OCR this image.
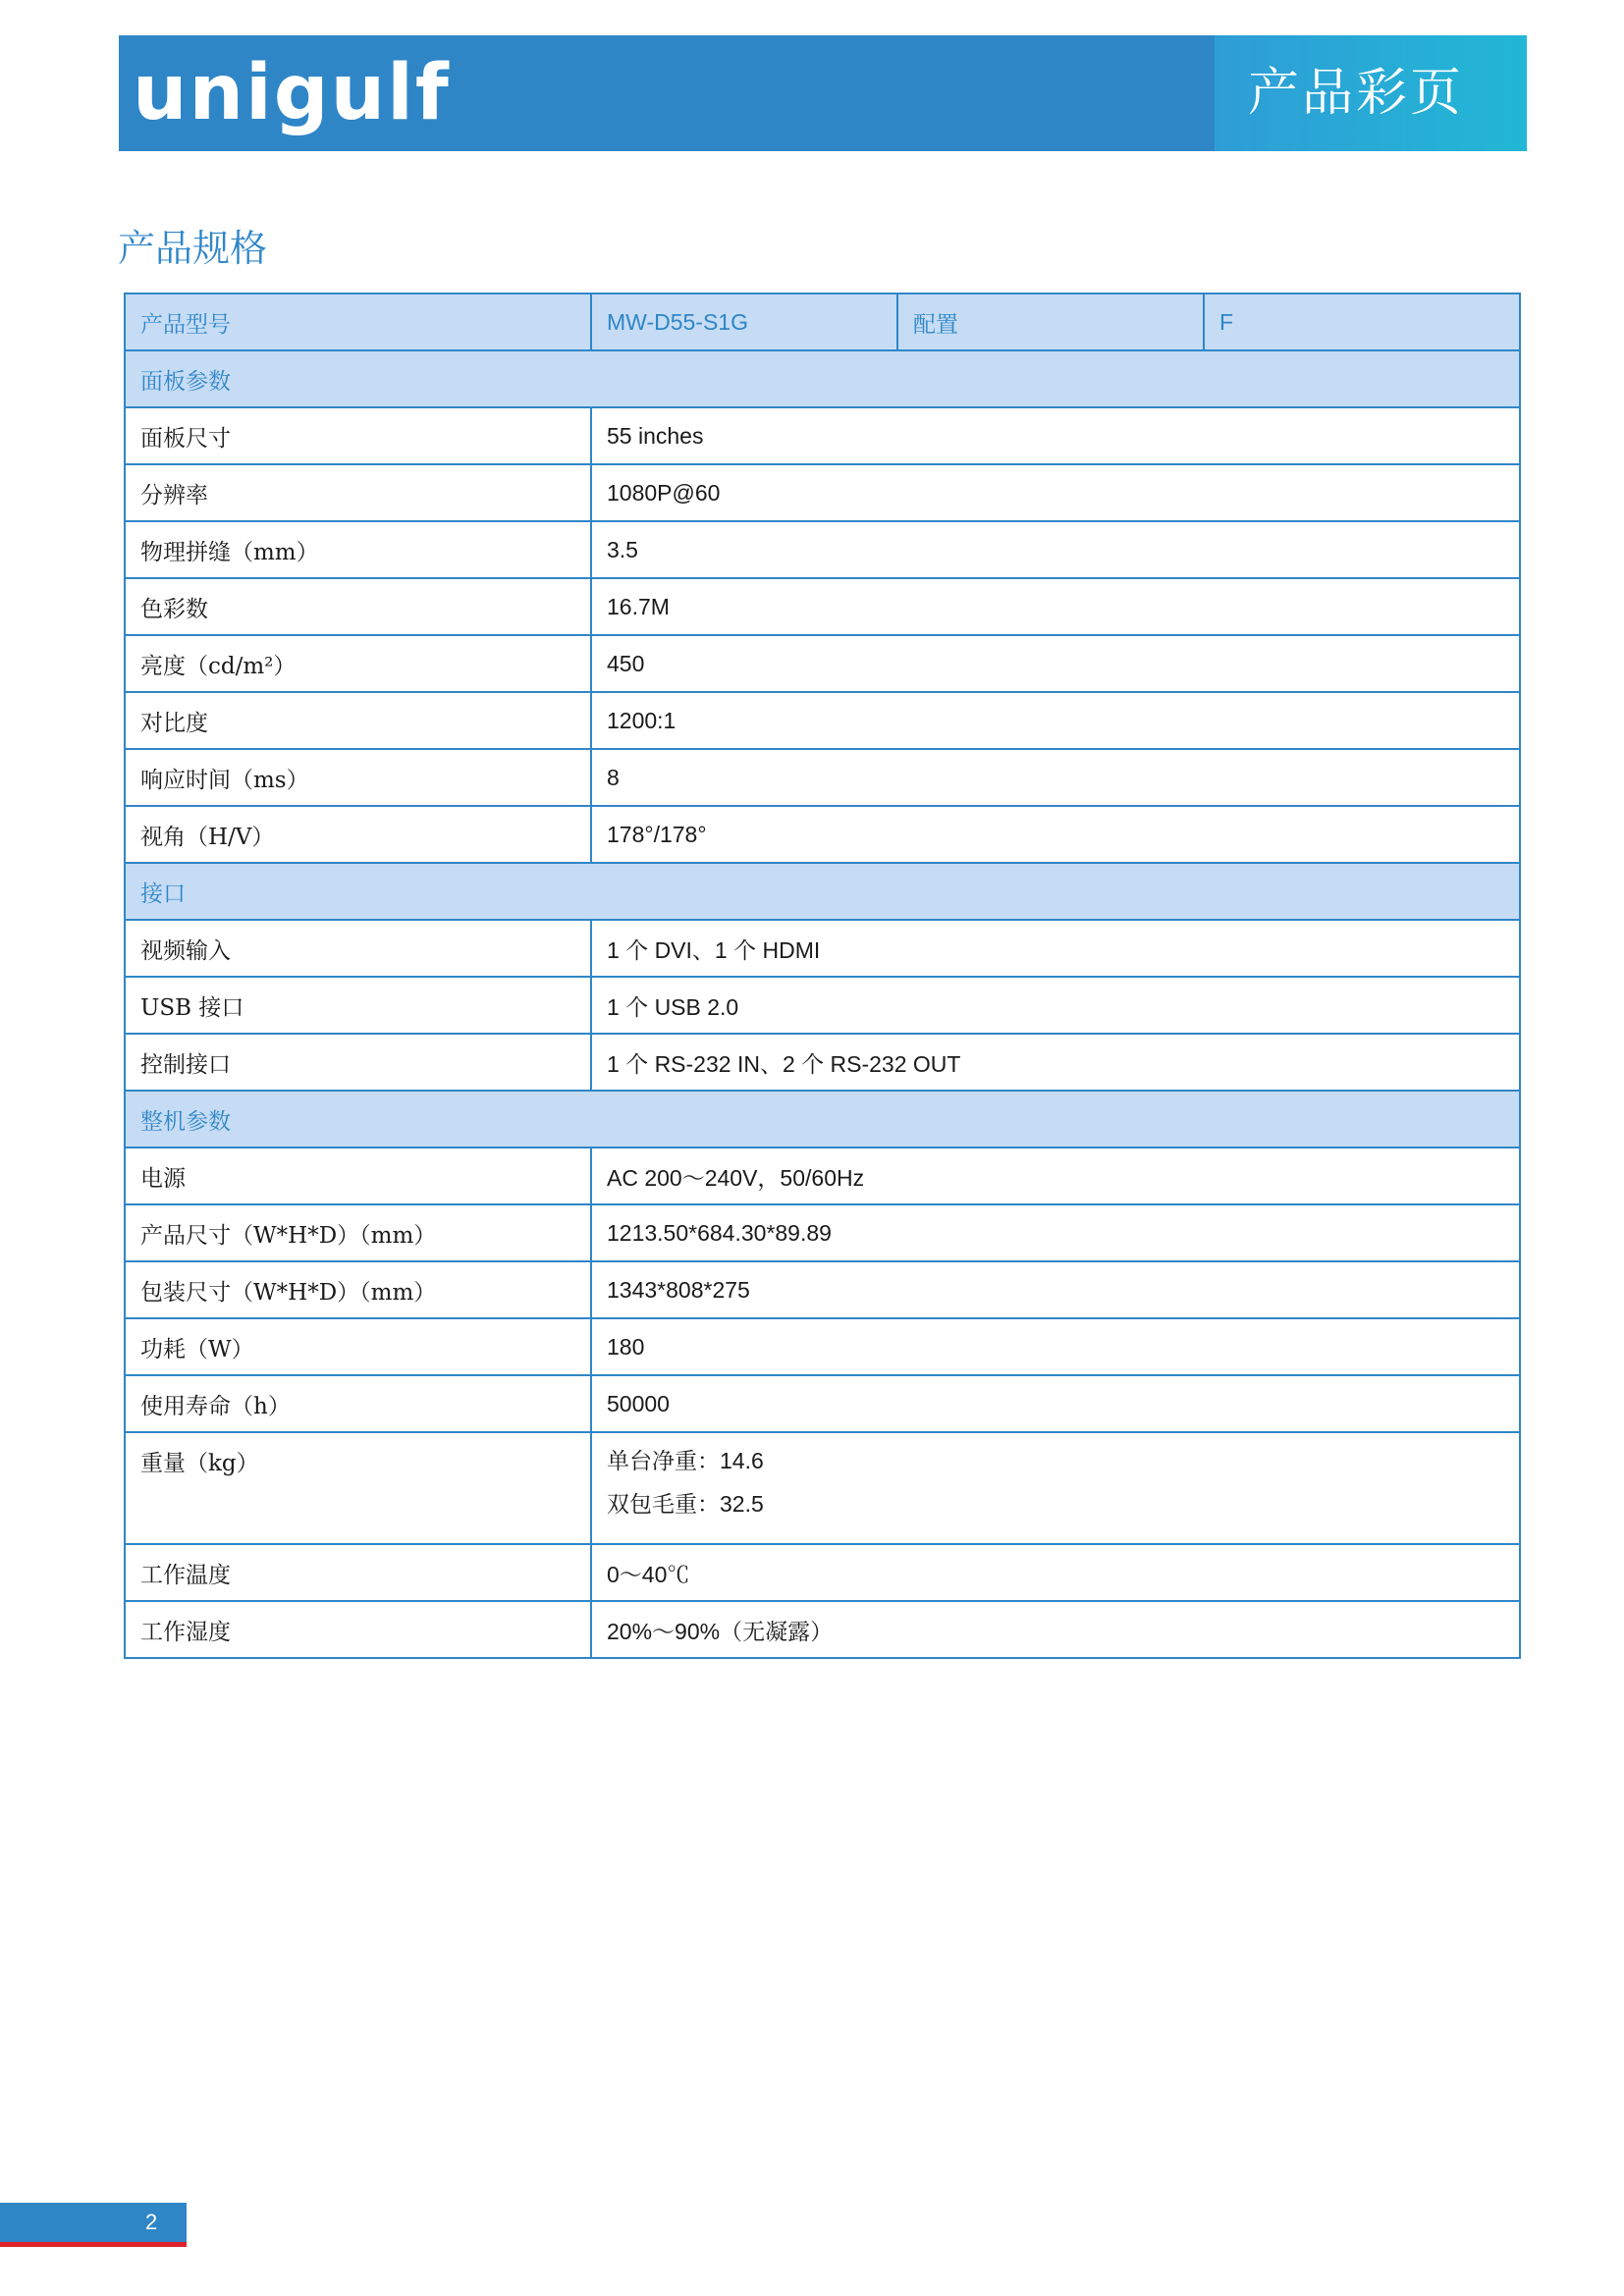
unigulf	产品彩页
产品规格
产品型号	MW-D55-S1G	配置	F
面板参数			
面板尺寸	55 inches		
分辨率	1080P@60		
物理拼缝（mm）	3.5		
色彩数	16.7M		
亮度（cd/m²）	450		
对比度	1200:1		
响应时间（ms）	8		
视角（H/V）	178°/178°		
接口			
视频输入	1 个 DVI、1 个 HDMI		
USB 接口	1 个 USB 2.0		
控制接口	1 个 RS-232 IN、2 个 RS-232 OUT		
整机参数			
电源	AC 200～240V，50/60Hz		
产品尺寸（W*H*D）（mm）	1213.50*684.30*89.89		
包装尺寸（W*H*D）（mm）	1343*808*275		
功耗（W）	180		
使用寿命（h）	50000		
重量（kg）	单台净重：14.6
双包毛重：32.5		

工作温度	0～40℃		
工作湿度	20%～90%（无凝露）		
2
